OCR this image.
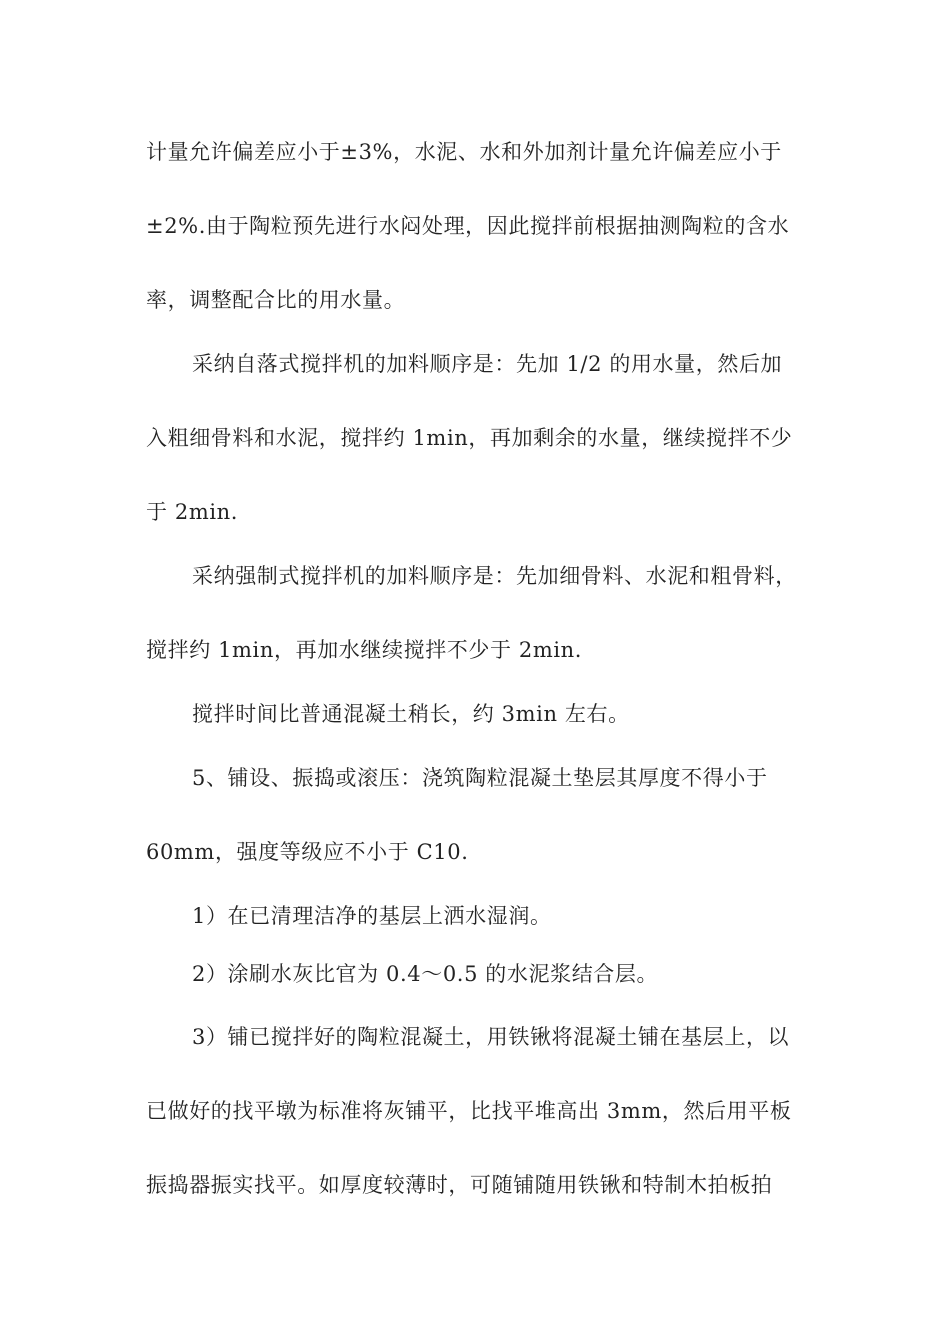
计量允许偏差应小于±3%，水泥、水和外加剂计量允许偏差应小于
±2%.由于陶粒预先进行水闷处理，因此搅拌前根据抽测陶粒的含水
率，调整配合比的用水量。
采纳自落式搅拌机的加料顺序是：先加 1/2 的用水量，然后加
入粗细骨料和水泥，搅拌约 1min，再加剩余的水量，继续搅拌不少
于 2min.
采纳强制式搅拌机的加料顺序是：先加细骨料、水泥和粗骨料，
搅拌约 1min，再加水继续搅拌不少于 2min.
搅拌时间比普通混凝土稍长，约 3min 左右。
5、铺设、振捣或滚压：浇筑陶粒混凝土垫层其厚度不得小于
60mm，强度等级应不小于 C10.
1）在已清理洁净的基层上洒水湿润。
2）涂刷水灰比官为 0.4～0.5 的水泥浆结合层。
3）铺已搅拌好的陶粒混凝土，用铁锹将混凝土铺在基层上，以
已做好的找平墩为标准将灰铺平，比找平堆高出 3mm，然后用平板
振捣器振实找平。如厚度较薄时，可随铺随用铁锹和特制木拍板拍
